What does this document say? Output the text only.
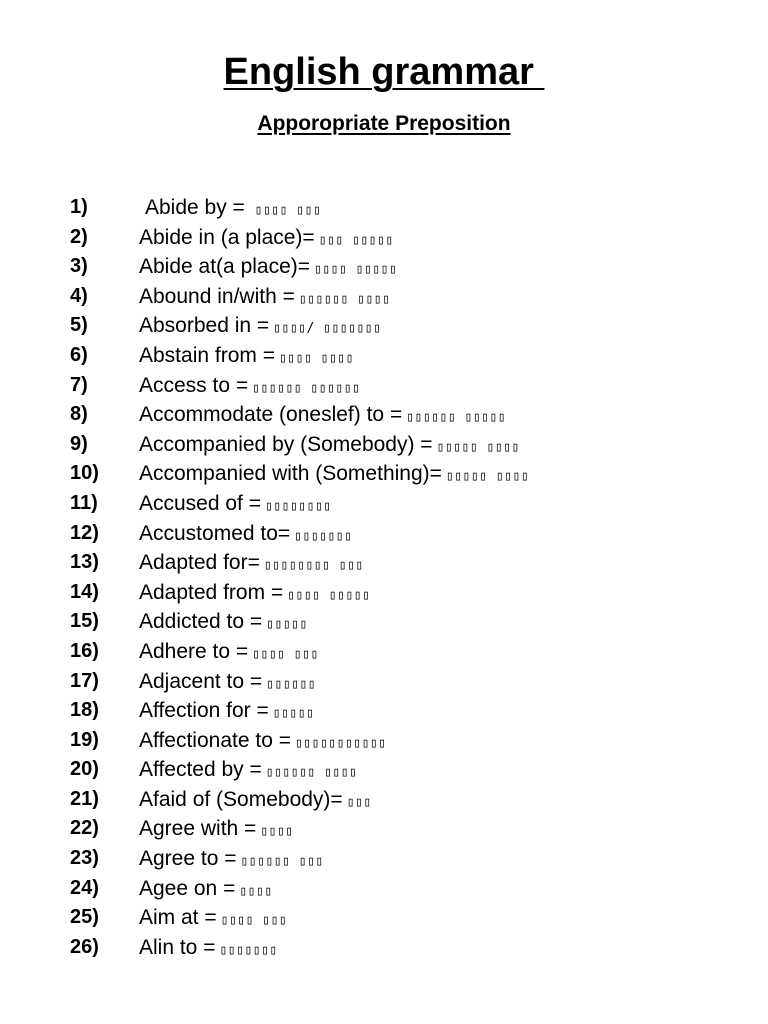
English grammar
Apporopriate Preposition
1)	Abide by = ▯▯▯▯ ▯▯▯
2) Abide in (a place)= ▯▯▯ ▯▯▯▯▯
3) Abide at(a place)= ▯▯▯▯ ▯▯▯▯▯
4) Abound in/with = ▯▯▯▯▯▯ ▯▯▯▯
5) Absorbed in = ▯▯▯▯/ ▯▯▯▯▯▯▯
6) Abstain from = ▯▯▯▯ ▯▯▯▯
7) Access to = ▯▯▯▯▯▯ ▯▯▯▯▯▯
8) Accommodate (oneslef) to = ▯▯▯▯▯▯ ▯▯▯▯▯
9) Accompanied by (Somebody) = ▯▯▯▯▯ ▯▯▯▯
10) Accompanied with (Something)= ▯▯▯▯▯ ▯▯▯▯
11) Accused of = ▯▯▯▯▯▯▯▯
12) Accustomed to= ▯▯▯▯▯▯▯
13) Adapted for= ▯▯▯▯▯▯▯▯ ▯▯▯
14) Adapted from = ▯▯▯▯ ▯▯▯▯▯
15) Addicted to = ▯▯▯▯▯
16) Adhere to = ▯▯▯▯ ▯▯▯
17) Adjacent to = ▯▯▯▯▯▯
18) Affection for = ▯▯▯▯▯
19) Affectionate to = ▯▯▯▯▯▯▯▯▯▯▯
20) Affected by = ▯▯▯▯▯▯ ▯▯▯▯
21) Afaid of (Somebody)= ▯▯▯
22) Agree with = ▯▯▯▯
23) Agree to = ▯▯▯▯▯▯ ▯▯▯
24) Agee on = ▯▯▯▯
25) Aim at = ▯▯▯▯ ▯▯▯
26) Alin to = ▯▯▯▯▯▯▯
